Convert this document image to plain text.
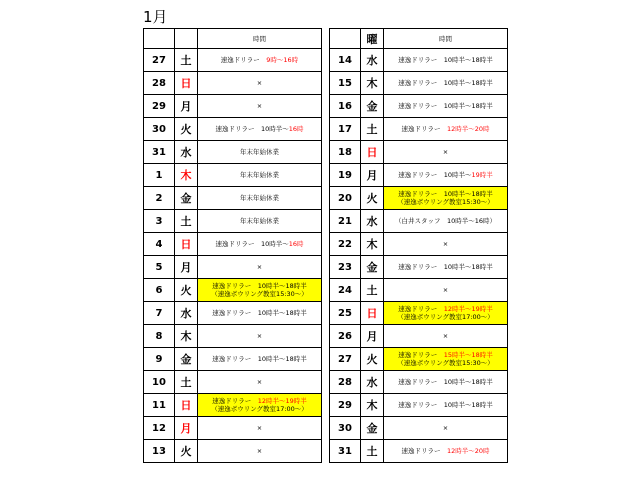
1月
		時間
27	土	速逸ドリラー　9時～16時

28	日	×

29	月	×

30	火	速逸ドリラー　10時半～16時

31	水	年末年始休業

1	木	年末年始休業

2	金	年末年始休業

3	土	年末年始休業

4	日	速逸ドリラー　10時半～16時

5	月	×

6	火	速逸ドリラー　10時半～18時半
（速逸ボウリング教室15:30～）

7	水	速逸ドリラー　10時半～18時半

8	木	×

9	金	速逸ドリラー　10時半～18時半

10	土	×

11	日	速逸ドリラー　12時半～19時半
（速逸ボウリング教室17:00～）

12	月	×

13	火	×
	曜	時間
14	水	速逸ドリラー　10時半～18時半

15	木	速逸ドリラー　10時半～18時半

16	金	速逸ドリラー　10時半～18時半

17	土	速逸ドリラー　12時半～20時

18	日	×

19	月	速逸ドリラー　10時半～19時半

20	火	速逸ドリラー　10時半～18時半
（速逸ボウリング教室15:30～）

21	水	（白井スタッフ　10時半～16時）

22	木	×

23	金	速逸ドリラー　10時半～18時半

24	土	×

25	日	速逸ドリラー　12時半～19時半
（速逸ボウリング教室17:00～）

26	月	×

27	火	速逸ドリラー　15時半～18時半
（速逸ボウリング教室15:30～）

28	水	速逸ドリラー　10時半～18時半

29	木	速逸ドリラー　10時半～18時半

30	金	×

31	土	速逸ドリラー　12時半～20時
